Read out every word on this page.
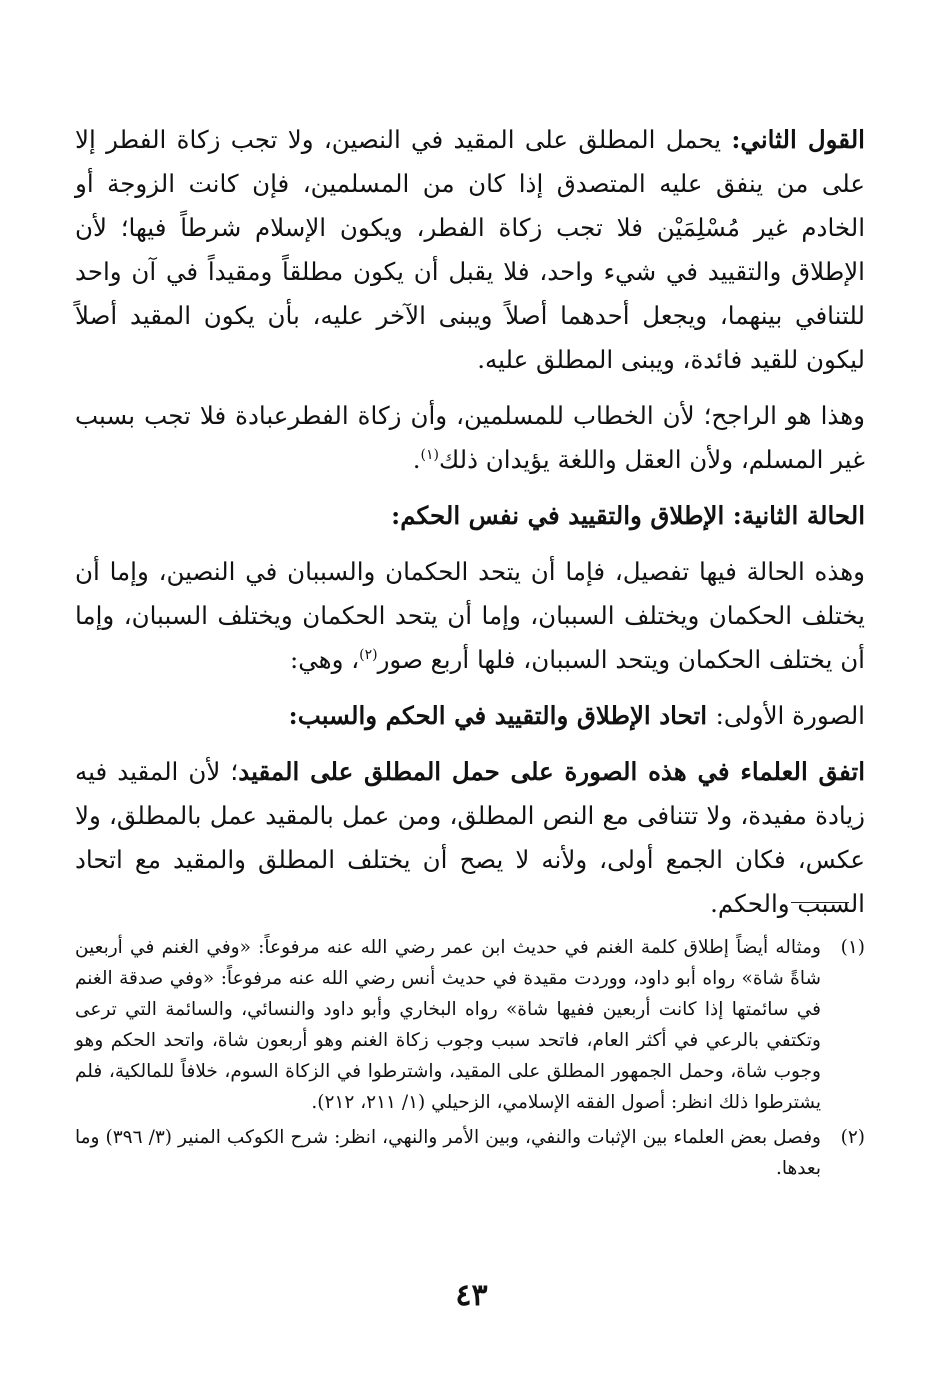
القول الثاني: يحمل المطلق على المقيد في النصين، ولا تجب زكاة الفطر إلا على من ينفق عليه المتصدق إذا كان من المسلمين، فإن كانت الزوجة أو الخادم غير مُسْلِمَيْن فلا تجب زكاة الفطر، ويكون الإسلام شرطاً فيها؛ لأن الإطلاق والتقييد في شيء واحد، فلا يقبل أن يكون مطلقاً ومقيداً في آن واحد للتنافي بينهما، ويجعل أحدهما أصلاً ويبنى الآخر عليه، بأن يكون المقيد أصلاً ليكون للقيد فائدة، ويبنى المطلق عليه.

وهذا هو الراجح؛ لأن الخطاب للمسلمين، وأن زكاة الفطرعبادة فلا تجب بسبب غير المسلم، ولأن العقل واللغة يؤيدان ذلك$^{(١)}$.

الحالة الثانية: الإطلاق والتقييد في نفس الحكم:

وهذه الحالة فيها تفصيل، فإما أن يتحد الحكمان والسببان في النصين، وإما أن يختلف الحكمان ويختلف السببان، وإما أن يتحد الحكمان ويختلف السببان، وإما أن يختلف الحكمان ويتحد السببان، فلها أربع صور$^{(٢)}$، وهي:

الصورة الأولى: اتحاد الإطلاق والتقييد في الحكم والسبب:

اتفق العلماء في هذه الصورة على حمل المطلق على المقيد؛ لأن المقيد فيه زيادة مفيدة، ولا تتنافى مع النص المطلق، ومن عمل بالمقيد عمل بالمطلق، ولا عكس، فكان الجمع أولى، ولأنه لا يصح أن يختلف المطلق والمقيد مع اتحاد السبب والحكم.

(١)
ومثاله أيضاً إطلاق كلمة الغنم في حديث ابن عمر رضي الله عنه مرفوعاً: «وفي الغنم في أربعين شاةً شاة» رواه أبو داود، ووردت مقيدة في حديث أنس رضي الله عنه مرفوعاً: «وفي صدقة الغنم في سائمتها إذا كانت أربعين ففيها شاة» رواه البخاري وأبو داود والنسائي، والسائمة التي ترعى وتكتفي بالرعي في أكثر العام، فاتحد سبب وجوب زكاة الغنم وهو أربعون شاة، واتحد الحكم وهو وجوب شاة، وحمل الجمهور المطلق على المقيد، واشترطوا في الزكاة السوم، خلافاً للمالكية، فلم يشترطوا ذلك انظر: أصول الفقه الإسلامي، الزحيلي (١/ ٢١١، ٢١٢).
(٢)
وفصل بعض العلماء بين الإثبات والنفي، وبين الأمر والنهي، انظر: شرح الكوكب المنير (٣/ ٣٩٦) وما بعدها.
٤٣
